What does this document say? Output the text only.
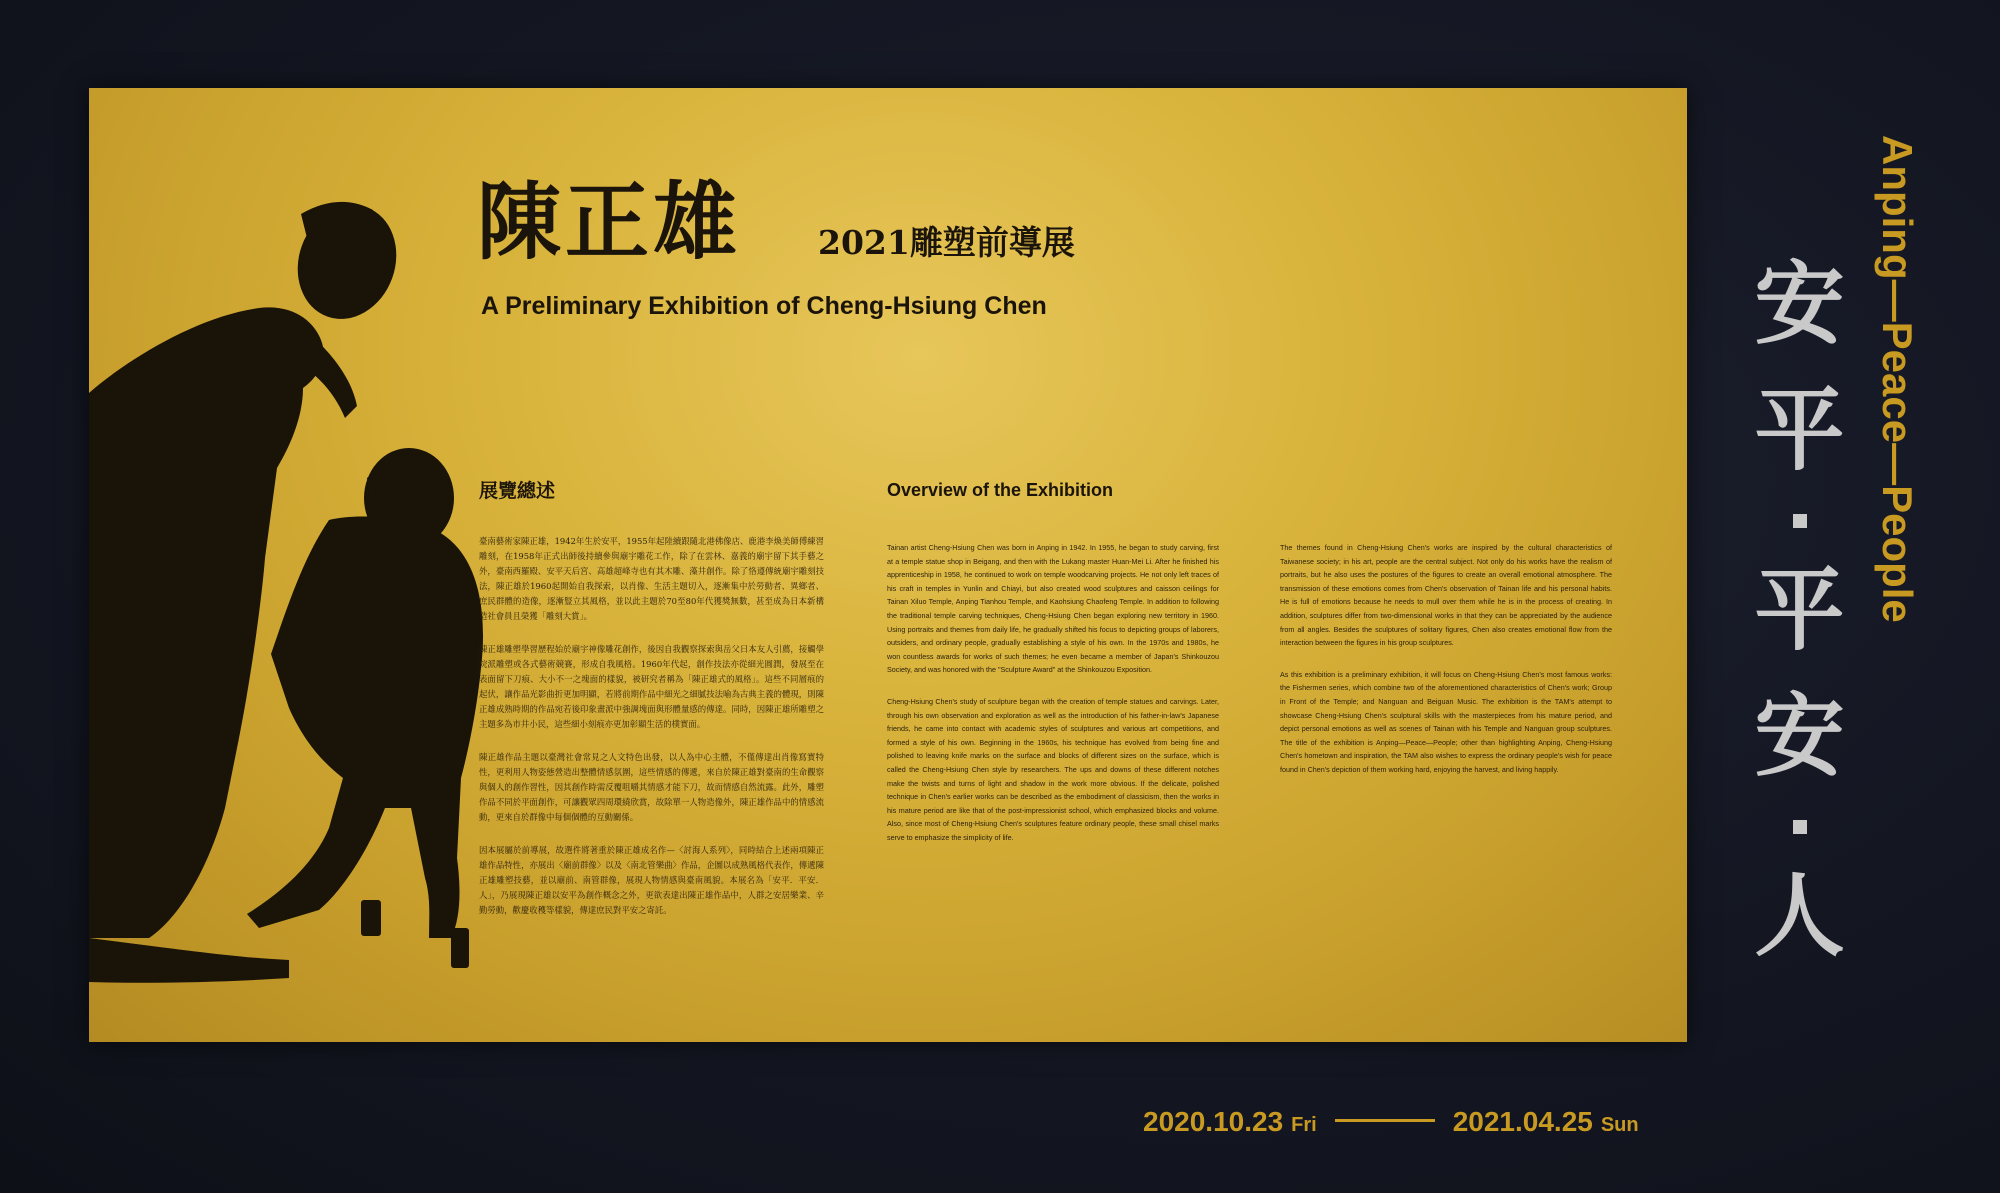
陳正雄 2021雕塑前導展
A Preliminary Exhibition of Cheng-Hsiung Chen
展覽總述	Overview of the Exhibition

臺南藝術家陳正雄，1942年生於安平，1955年起陸續跟隨北港佛像店、鹿港李煥美師傅練習雕刻，在1958年正式出師後持續參與廟宇雕花工作，除了在雲林、嘉義的廟宇留下其手藝之外，臺南西羅殿、安平天后宮、高雄超峰寺也有其木雕、藻井創作。除了恪遵傳統廟宇雕刻技法，陳正雄於1960起開始自我探索，以肖像、生活主題切入，逐漸集中於勞動者、異鄉者、庶民群體的造像，逐漸豎立其風格，並以此主題於70至80年代獲獎無數，甚至成為日本新構造社會員且榮獲「雕刻大賞」。

陳正雄雕塑學習歷程始於廟宇神像雕花創作，後因自我觀察探索與岳父日本友人引薦，接觸學院派雕塑或各式藝術競賽，形成自我風格。1960年代起，創作技法亦從細光圓潤，發展至在表面留下刀痕、大小不一之塊面的樣貌，被研究者稱為「陳正雄式的風格」。這些不同層痕的起伏，讓作品光影曲折更加明顯，若將前期作品中細光之細膩技法喻為古典主義的體現，則陳正雄成熟時期的作品宛若後印象畫派中強調塊面與形體量感的傳達。同時，因陳正雄所雕塑之主題多為市井小民，這些細小刻痕亦更加彰顯生活的樸實面。

陳正雄作品主題以臺灣社會常見之人文特色出發，以人為中心主體，不僅傳達出肖像寫實特性，更利用人物姿態營造出整體情感氛圍，這些情感的傳遞，來自於陳正雄對臺南的生命觀察與個人的創作習性，因其創作時需反覆咀嚼其情感才能下刀，故而情感自然流露。此外，雕塑作品不同於平面創作，可讓觀眾四周環繞欣賞，故除單一人物造像外，陳正雄作品中的情感流動，更來自於群像中每個個體的互動關係。

因本展屬於前導展，故選件將著重於陳正雄成名作—〈討海人系列〉，同時結合上述兩項陳正雄作品特性，亦展出〈廟前群像〉以及〈南北管樂曲〉作品，企圖以成熟風格代表作，傳遞陳正雄雕塑技藝，並以廟前、南管群像，展現人物情感與臺南風貌。本展名為「安平．平安．人」，乃展現陳正雄以安平為創作概念之外，更欲表達出陳正雄作品中，人群之安居樂業、辛勤勞動，歡慶收穫等樣貌，傳達庶民對平安之寄託。

Tainan artist Cheng-Hsiung Chen was born in Anping in 1942. In 1955, he began to study carving, first at a temple statue shop in Beigang, and then with the Lukang master Huan-Mei Li. After he finished his apprenticeship in 1958, he continued to work on temple woodcarving projects. He not only left traces of his craft in temples in Yunlin and Chiayi, but also created wood sculptures and caisson ceilings for Tainan Xiluo Temple, Anping Tianhou Temple, and Kaohsiung Chaofeng Temple. In addition to following the traditional temple carving techniques, Cheng-Hsiung Chen began exploring new territory in 1960. Using portraits and themes from daily life, he gradually shifted his focus to depicting groups of laborers, outsiders, and ordinary people, gradually establishing a style of his own. In the 1970s and 1980s, he won countless awards for works of such themes; he even became a member of Japan's Shinkouzou Society, and was honored with the "Sculpture Award" at the Shinkouzou Exposition.

Cheng-Hsiung Chen's study of sculpture began with the creation of temple statues and carvings. Later, through his own observation and exploration as well as the introduction of his father-in-law's Japanese friends, he came into contact with academic styles of sculptures and various art competitions, and formed a style of his own. Beginning in the 1960s, his technique has evolved from being fine and polished to leaving knife marks on the surface and blocks of different sizes on the surface, which is called the Cheng-Hsiung Chen style by researchers. The ups and downs of these different notches make the twists and turns of light and shadow in the work more obvious. If the delicate, polished technique in Chen's earlier works can be described as the embodiment of classicism, then the works in his mature period are like that of the post-impressionist school, which emphasized blocks and volume. Also, since most of Cheng-Hsiung Chen's sculptures feature ordinary people, these small chisel marks serve to emphasize the simplicity of life.

The themes found in Cheng-Hsiung Chen's works are inspired by the cultural characteristics of Taiwanese society; in his art, people are the central subject. Not only do his works have the realism of portraits, but he also uses the postures of the figures to create an overall emotional atmosphere. The transmission of these emotions comes from Chen's observation of Tainan life and his personal habits. He is full of emotions because he needs to mull over them while he is in the process of creating. In addition, sculptures differ from two-dimensional works in that they can be appreciated by the audience from all angles. Besides the sculptures of solitary figures, Chen also creates emotional flow from the interaction between the figures in his group sculptures.

As this exhibition is a preliminary exhibition, it will focus on Cheng-Hsiung Chen's most famous works: the Fishermen series, which combine two of the aforementioned characteristics of Chen's work; Group in Front of the Temple; and Nanguan and Beiguan Music. The exhibition is the TAM's attempt to showcase Cheng-Hsiung Chen's sculptural skills with the masterpieces from his mature period, and depict personal emotions as well as scenes of Tainan with his Temple and Nanguan group sculptures. The title of the exhibition is Anping—Peace—People; other than highlighting Anping, Cheng-Hsiung Chen's hometown and inspiration, the TAM also wishes to express the ordinary people's wish for peace found in Chen's depiction of them working hard, enjoying the harvest, and living happily.

Anping—Peace—People
安
平
平
安
人
2020.10.23 Fri	2021.04.25 Sun
